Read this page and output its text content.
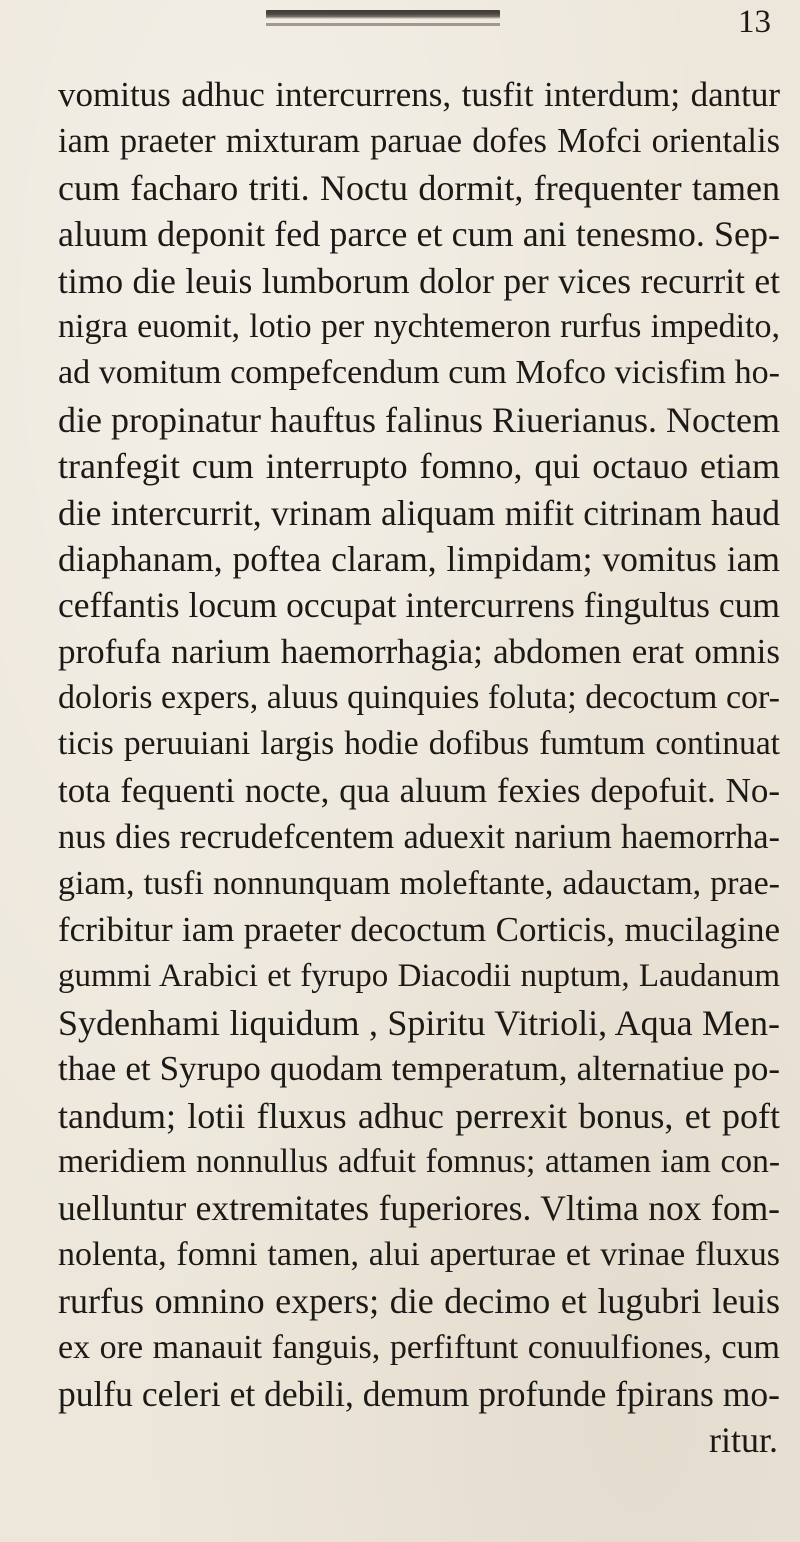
13
vomitus adhuc intercurrens, tusfit interdum; dantur
iam praeter mixturam paruae dofes Mofci orientalis
cum facharo triti. Noctu dormit, frequenter tamen
aluum deponit fed parce et cum ani tenesmo. Sep-
timo die leuis lumborum dolor per vices recurrit et
nigra euomit, lotio per nychtemeron rurfus impedito,
ad vomitum compefcendum cum Mofco vicisfim ho-
die propinatur hauftus falinus Riuerianus. Noctem
tranfegit cum interrupto fomno, qui octauo etiam
die intercurrit, vrinam aliquam mifit citrinam haud
diaphanam, poftea claram, limpidam; vomitus iam
ceffantis locum occupat intercurrens fingultus cum
profufa narium haemorrhagia; abdomen erat omnis
doloris expers, aluus quinquies foluta; decoctum cor-
ticis peruuiani largis hodie dofibus fumtum continuat
tota fequenti nocte, qua aluum fexies depofuit. No-
nus dies recrudefcentem aduexit narium haemorrha-
giam, tusfi nonnunquam moleftante, adauctam, prae-
fcribitur iam praeter decoctum Corticis, mucilagine
gummi Arabici et fyrupo Diacodii nuptum, Laudanum
Sydenhami liquidum , Spiritu Vitrioli, Aqua Men-
thae et Syrupo quodam temperatum, alternatiue po-
tandum; lotii fluxus adhuc perrexit bonus, et poft
meridiem nonnullus adfuit fomnus; attamen iam con-
uelluntur extremitates fuperiores. Vltima nox fom-
nolenta, fomni tamen, alui aperturae et vrinae fluxus
rurfus omnino expers; die decimo et lugubri leuis
ex ore manauit fanguis, perfiftunt conuulfiones, cum
pulfu celeri et debili, demum profunde fpirans mo-
ritur.
